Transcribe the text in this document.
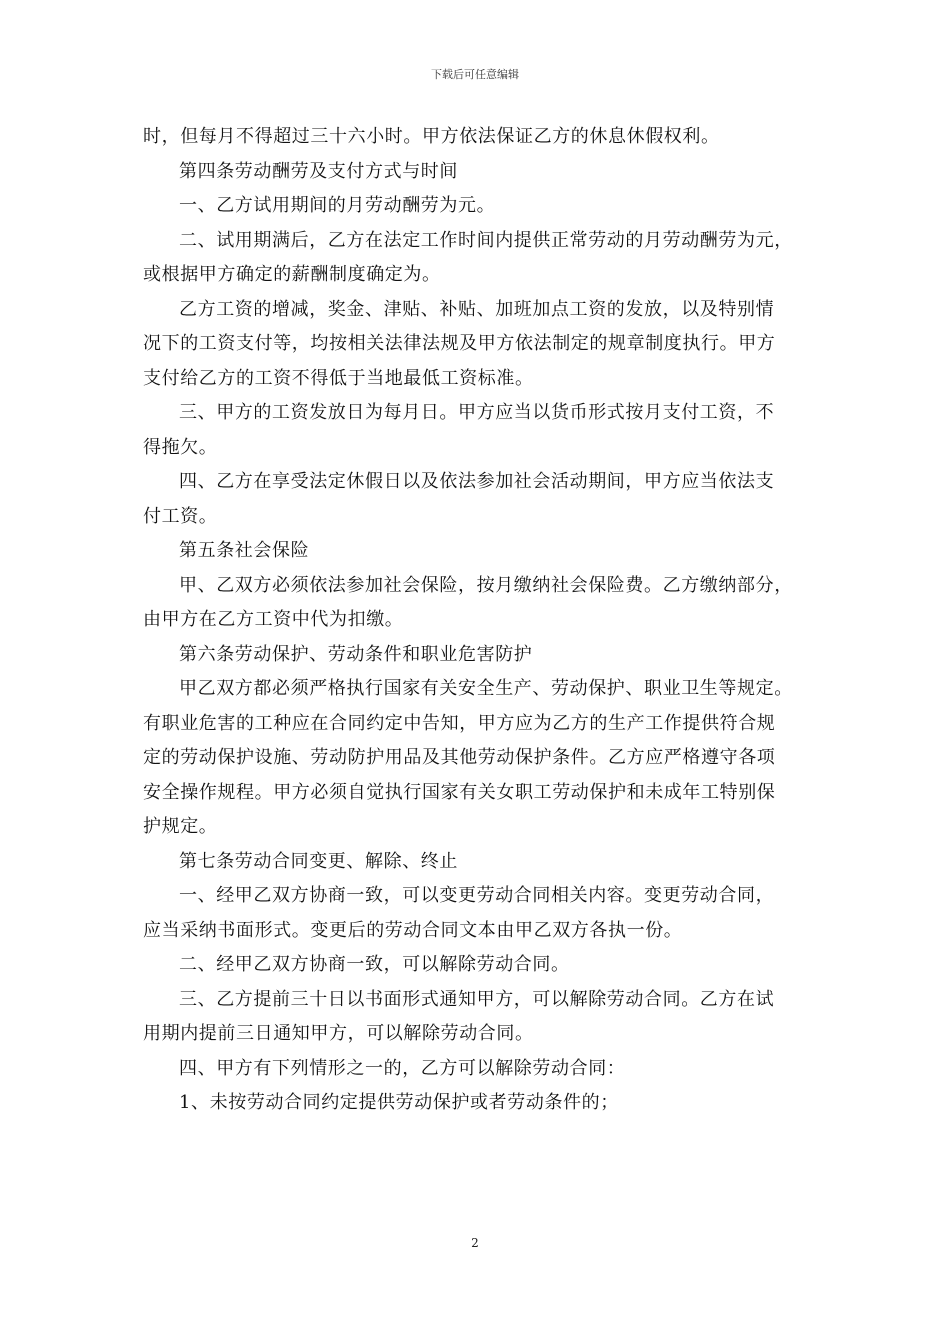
下载后可任意编辑
时，但每月不得超过三十六小时。甲方依法保证乙方的休息休假权利。
第四条劳动酬劳及支付方式与时间
一、乙方试用期间的月劳动酬劳为元。
二、试用期满后，乙方在法定工作时间内提供正常劳动的月劳动酬劳为元，
或根据甲方确定的薪酬制度确定为。
乙方工资的增减，奖金、津贴、补贴、加班加点工资的发放，以及特别情
况下的工资支付等，均按相关法律法规及甲方依法制定的规章制度执行。甲方
支付给乙方的工资不得低于当地最低工资标准。
三、甲方的工资发放日为每月日。甲方应当以货币形式按月支付工资，不
得拖欠。
四、乙方在享受法定休假日以及依法参加社会活动期间，甲方应当依法支
付工资。
第五条社会保险
甲、乙双方必须依法参加社会保险，按月缴纳社会保险费。乙方缴纳部分，
由甲方在乙方工资中代为扣缴。
第六条劳动保护、劳动条件和职业危害防护
甲乙双方都必须严格执行国家有关安全生产、劳动保护、职业卫生等规定。
有职业危害的工种应在合同约定中告知，甲方应为乙方的生产工作提供符合规
定的劳动保护设施、劳动防护用品及其他劳动保护条件。乙方应严格遵守各项
安全操作规程。甲方必须自觉执行国家有关女职工劳动保护和未成年工特别保
护规定。
第七条劳动合同变更、解除、终止
一、经甲乙双方协商一致，可以变更劳动合同相关内容。变更劳动合同，
应当采纳书面形式。变更后的劳动合同文本由甲乙双方各执一份。
二、经甲乙双方协商一致，可以解除劳动合同。
三、乙方提前三十日以书面形式通知甲方，可以解除劳动合同。乙方在试
用期内提前三日通知甲方，可以解除劳动合同。
四、甲方有下列情形之一的，乙方可以解除劳动合同：
1、未按劳动合同约定提供劳动保护或者劳动条件的；
2
